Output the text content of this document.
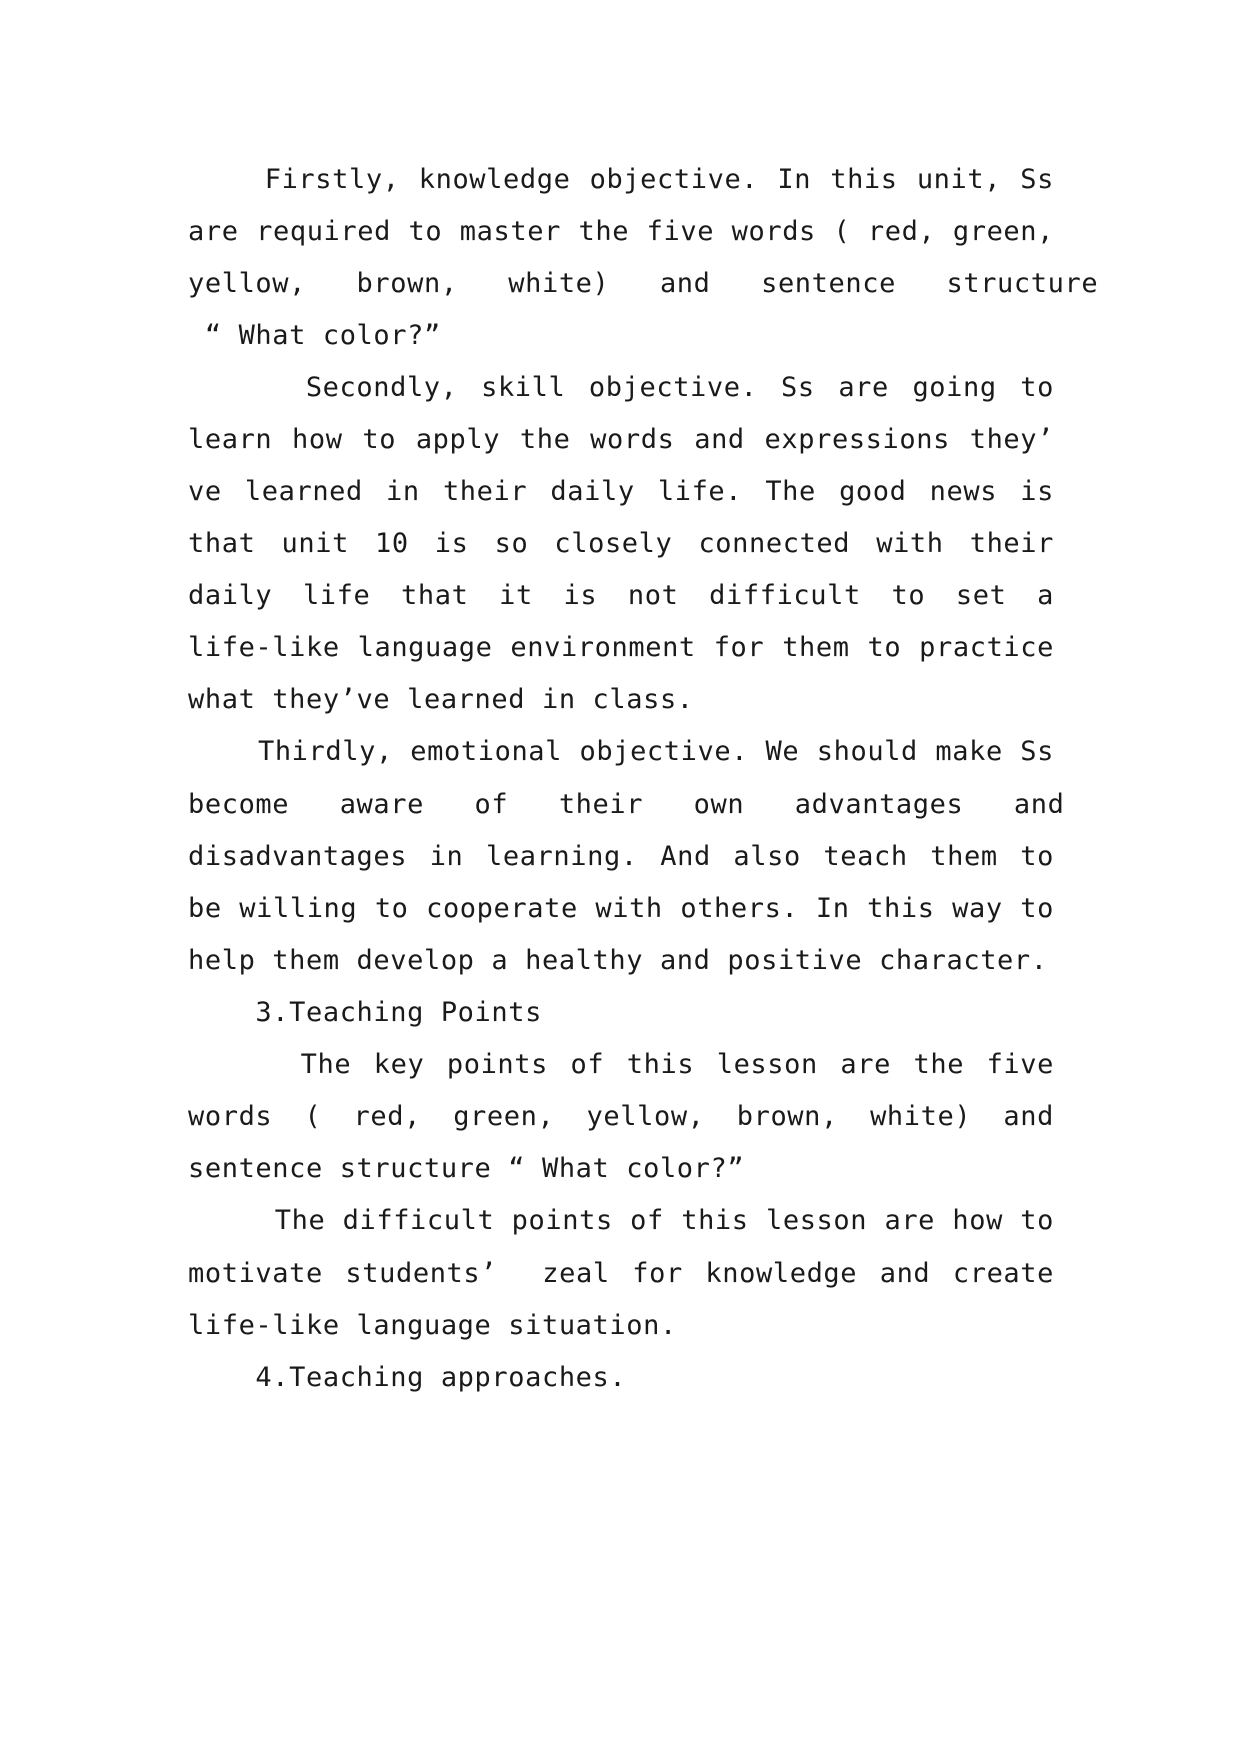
Firstly, knowledge objective. In this unit, Ss
are required to master the five words ( red, green,
yellow,   brown,   white)   and   sentence   structure
“ What color?”
Secondly, skill objective. Ss are going to
learn how to apply the words and expressions they’
ve learned in their daily life. The good news is
that unit 10 is so closely connected with their
daily life that it is not difficult to set a
life-like language environment for them to practice
what they’ve learned in class.
Thirdly, emotional objective. We should make Ss
become   aware   of   their   own   advantages   and
disadvantages in learning. And also teach them to
be willing to cooperate with others. In this way to
help them develop a healthy and positive character.
3.Teaching Points
The key points of this lesson are the five
words ( red, green, yellow, brown, white) and
sentence structure “ What color?”
The difficult points of this lesson are how to
motivate students’  zeal for knowledge and create
life-like language situation.
4.Teaching approaches.
